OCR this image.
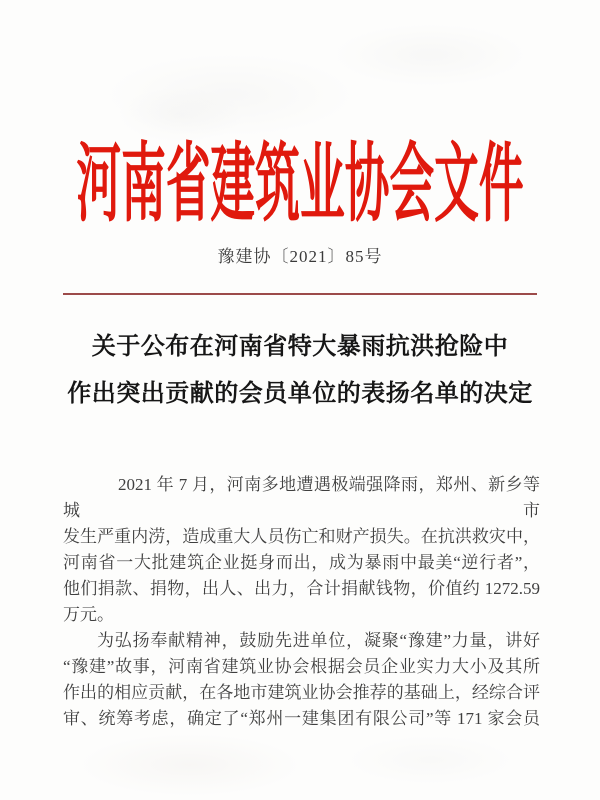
河南省建筑业协会文件
豫建协〔2021〕85号
关于公布在河南省特大暴雨抗洪抢险中
作出突出贡献的会员单位的表扬名单的决定
2021 年 7 月，河南多地遭遇极端强降雨，郑州、新乡等城市
发生严重内涝，造成重大人员伤亡和财产损失。在抗洪救灾中，
河南省一大批建筑企业挺身而出，成为暴雨中最美“逆行者”，
他们捐款、捐物，出人、出力，合计捐献钱物，价值约 1272.59
万元。
为弘扬奉献精神，鼓励先进单位，凝聚“豫建”力量，讲好
“豫建”故事，河南省建筑业协会根据会员企业实力大小及其所
作出的相应贡献，在各地市建筑业协会推荐的基础上，经综合评
审、统筹考虑，确定了“郑州一建集团有限公司”等 171 家会员
